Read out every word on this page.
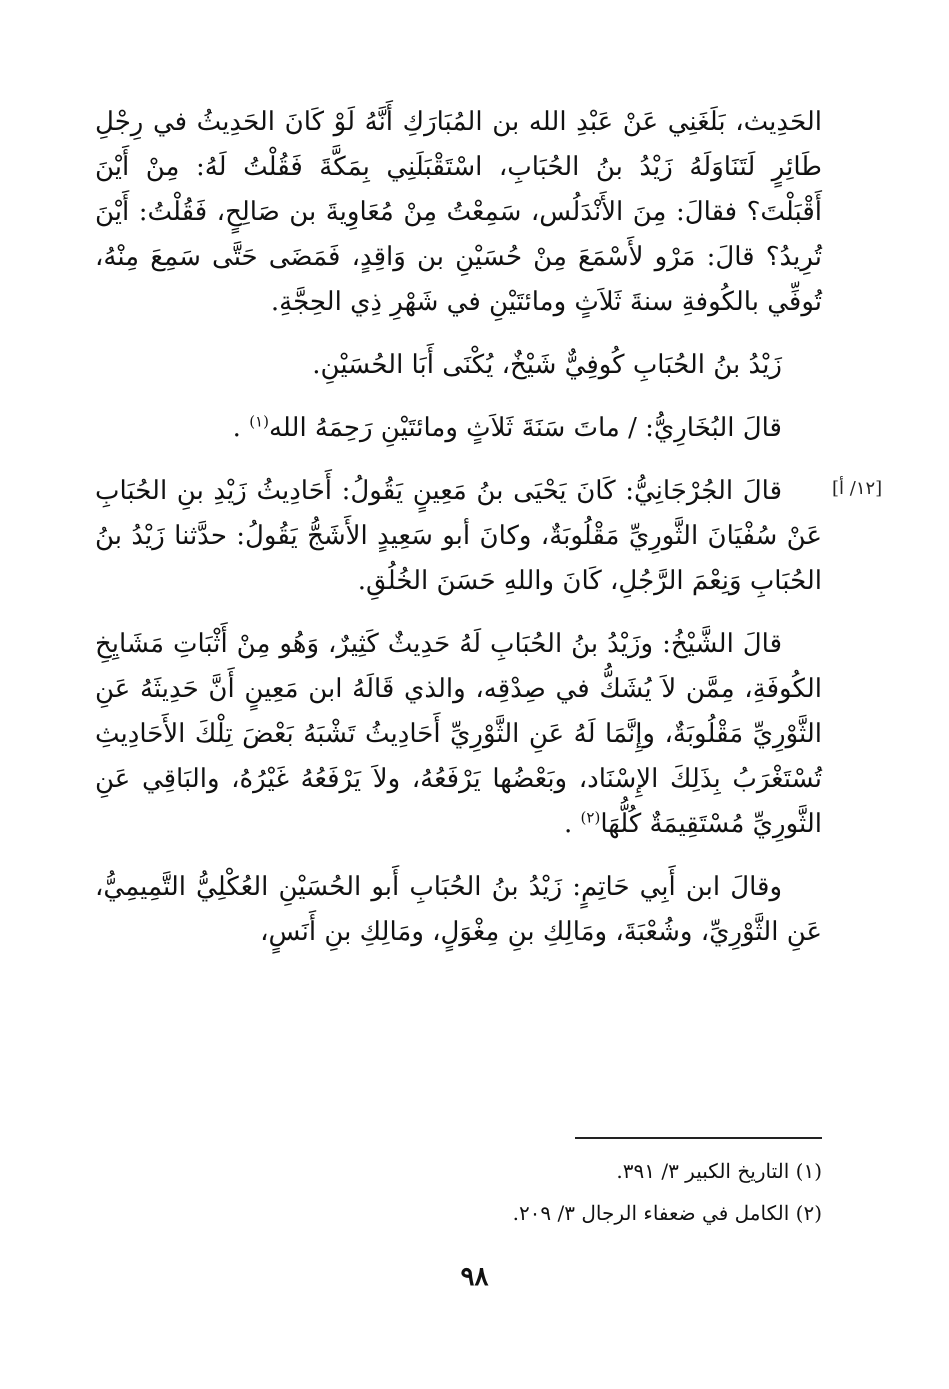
الحَدِيث، بَلَغَنِي عَنْ عَبْدِ الله بن المُبَارَكِ أَنَّهُ لَوْ كَانَ الحَدِيثُ في رِجْلِ طَائِرٍ لَتَنَاوَلَهُ زَيْدُ بنُ الحُبَابِ، اسْتَقْبَلَنِي بِمَكَّةَ فَقُلْتُ لَهُ: مِنْ أَيْنَ أَقْبَلْتَ؟ فقالَ: مِنَ الأَنْدَلُس، سَمِعْتُ مِنْ مُعَاوِيةَ بن صَالِحٍ، فَقُلْتُ: أَيْنَ تُرِيدُ؟ قالَ: مَرْو لأَسْمَعَ مِنْ حُسَيْنِ بن وَاقِدٍ، فَمَضَى حَتَّى سَمِعَ مِنْهُ، تُوفِّي بالكُوفةِ سنةَ ثَلاَثٍ ومائتَيْنِ في شَهْرِ ذِي الحِجَّةِ.

زَيْدُ بنُ الحُبَابِ كُوفِيٌّ شَيْخٌ، يُكْنَى أَبَا الحُسَيْنِ.

قالَ البُخَارِيُّ: / ماتَ سَنَةَ ثَلاَثٍ ومائتَيْنِ رَحِمَهُ الله$^{(١)}$ .

قالَ الجُرْجَانِيُّ: كَانَ يَحْيَى بنُ مَعِينٍ يَقُولُ: أَحَادِيثُ زَيْدِ بنِ الحُبَابِ عَنْ سُفْيَانَ الثَّورِيِّ مَقْلُوبَةٌ، وكانَ أبو سَعِيدٍ الأَشَجُّ يَقُولُ: حدَّثنا زَيْدُ بنُ الحُبَابِ وَنِعْمَ الرَّجُلِ، كَانَ واللهِ حَسَنَ الخُلُقِ.

قالَ الشَّيْخُ: وزَيْدُ بنُ الحُبَابِ لَهُ حَدِيثٌ كَثِيرٌ، وَهُو مِنْ أَثْبَاتِ مَشَايِخِ الكُوفَةِ، مِمَّن لاَ يُشَكُّ في صِدْقِه، والذي قَالَهُ ابن مَعِينٍ أَنَّ حَدِيثَهُ عَنِ الثَّوْرِيِّ مَقْلُوبَةٌ، وإِنَّمَا لَهُ عَنِ الثَّوْرِيِّ أَحَادِيثُ تَشْبَهُ بَعْضَ تِلْكَ الأَحَادِيثِ تُسْتَغْرَبُ بِذَلِكَ الإِسْنَاد، وبَعْضُها يَرْفَعُهُ، ولاَ يَرْفَعُهُ غَيْرُهُ، والبَاقِي عَنِ الثَّورِيِّ مُسْتَقِيمَةٌ كُلُّهَا$^{(٢)}$ .

وقالَ ابن أَبِي حَاتِمٍ: زَيْدُ بنُ الحُبَابِ أَبو الحُسَيْنِ العُكْلِيُّ التَّمِيمِيُّ، عَنِ الثَّوْرِيِّ، وشُعْبَةَ، ومَالِكِ بنِ مِغْوَلٍ، ومَالِكِ بنِ أَنَسٍ،

[١٢/ أ]

(١) التاريخ الكبير ٣/ ٣٩١.

(٢) الكامل في ضعفاء الرجال ٣/ ٢٠٩.

٩٨
